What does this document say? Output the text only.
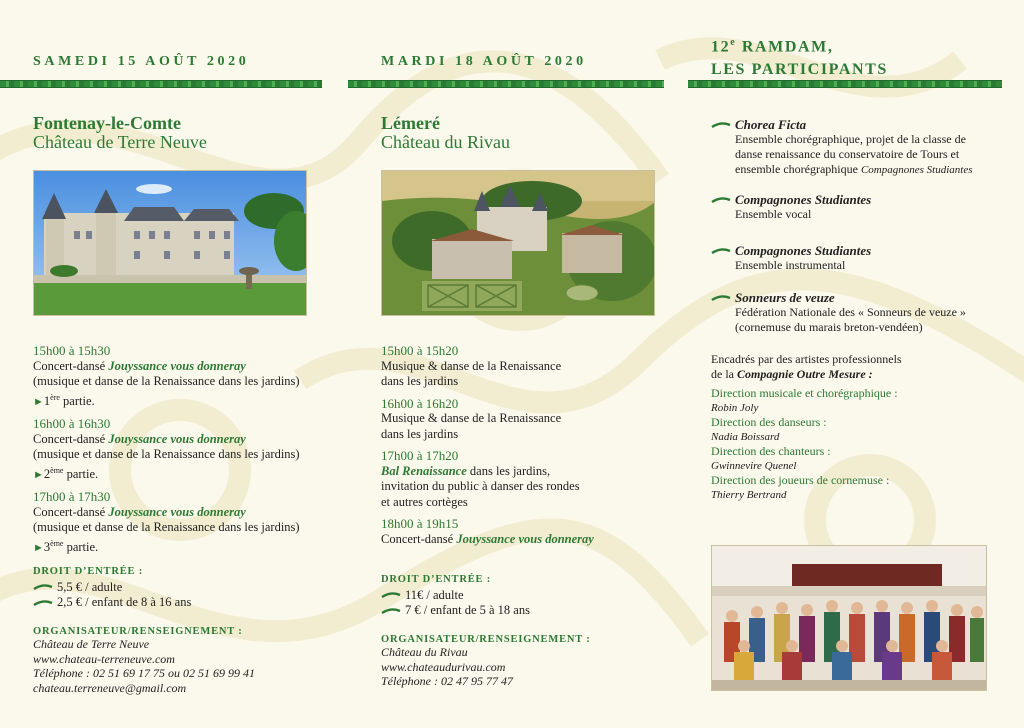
SAMEDI 15 AOÛT 2020
Fontenay-le-Comte
Château de Terre Neuve
15h00 à 15h30
Concert-dansé Jouyssance vous donneray
(musique et danse de la Renaissance dans les jardins)
►1ère partie.
16h00 à 16h30
Concert-dansé Jouyssance vous donneray
(musique et danse de la Renaissance dans les jardins)
►2ème partie.
17h00 à 17h30
Concert-dansé Jouyssance vous donneray
(musique et danse de la Renaissance dans les jardins)
►3ème partie.
DROIT D’ENTRÉE :
5,5 € / adulte
2,5 € / enfant de 8 à 16 ans
ORGANISATEUR/RENSEIGNEMENT :
Château de Terre Neuve
www.chateau-terreneuve.com
Téléphone : 02 51 69 17 75 ou 02 51 69 99 41
chateau.terreneuve@gmail.com
MARDI 18 AOÛT 2020
Lémeré
Château du Rivau
15h00 à 15h20
Musique & danse de la Renaissance
dans les jardins
16h00 à 16h20
Musique & danse de la Renaissance
dans les jardins
17h00 à 17h20
Bal Renaissance dans les jardins,
invitation du public à danser des rondes
et autres cortèges
18h00 à 19h15
Concert-dansé Jouyssance vous donneray
DROIT D’ENTRÉE :
11€ / adulte
7 € / enfant de 5 à 18 ans
ORGANISATEUR/RENSEIGNEMENT :
Château du Rivau
www.chateaudurivau.com
Téléphone : 02 47 95 77 47
12e RAMDAM,
LES PARTICIPANTS
Chorea Ficta
Ensemble chorégraphique, projet de la classe de
danse renaissance du conservatoire de Tours et
ensemble chorégraphique Compagnones Studiantes
Compagnones Studiantes
Ensemble vocal
Compagnones Studiantes
Ensemble instrumental
Sonneurs de veuze
Fédération Nationale des « Sonneurs de veuze »
(cornemuse du marais breton-vendéen)
Encadrés par des artistes professionnels
de la Compagnie Outre Mesure :
Direction musicale et chorégraphique :
Robin Joly
Direction des danseurs :
Nadia Boissard
Direction des chanteurs :
Gwinnevire Quenel
Direction des joueurs de cornemuse :
Thierry Bertrand
